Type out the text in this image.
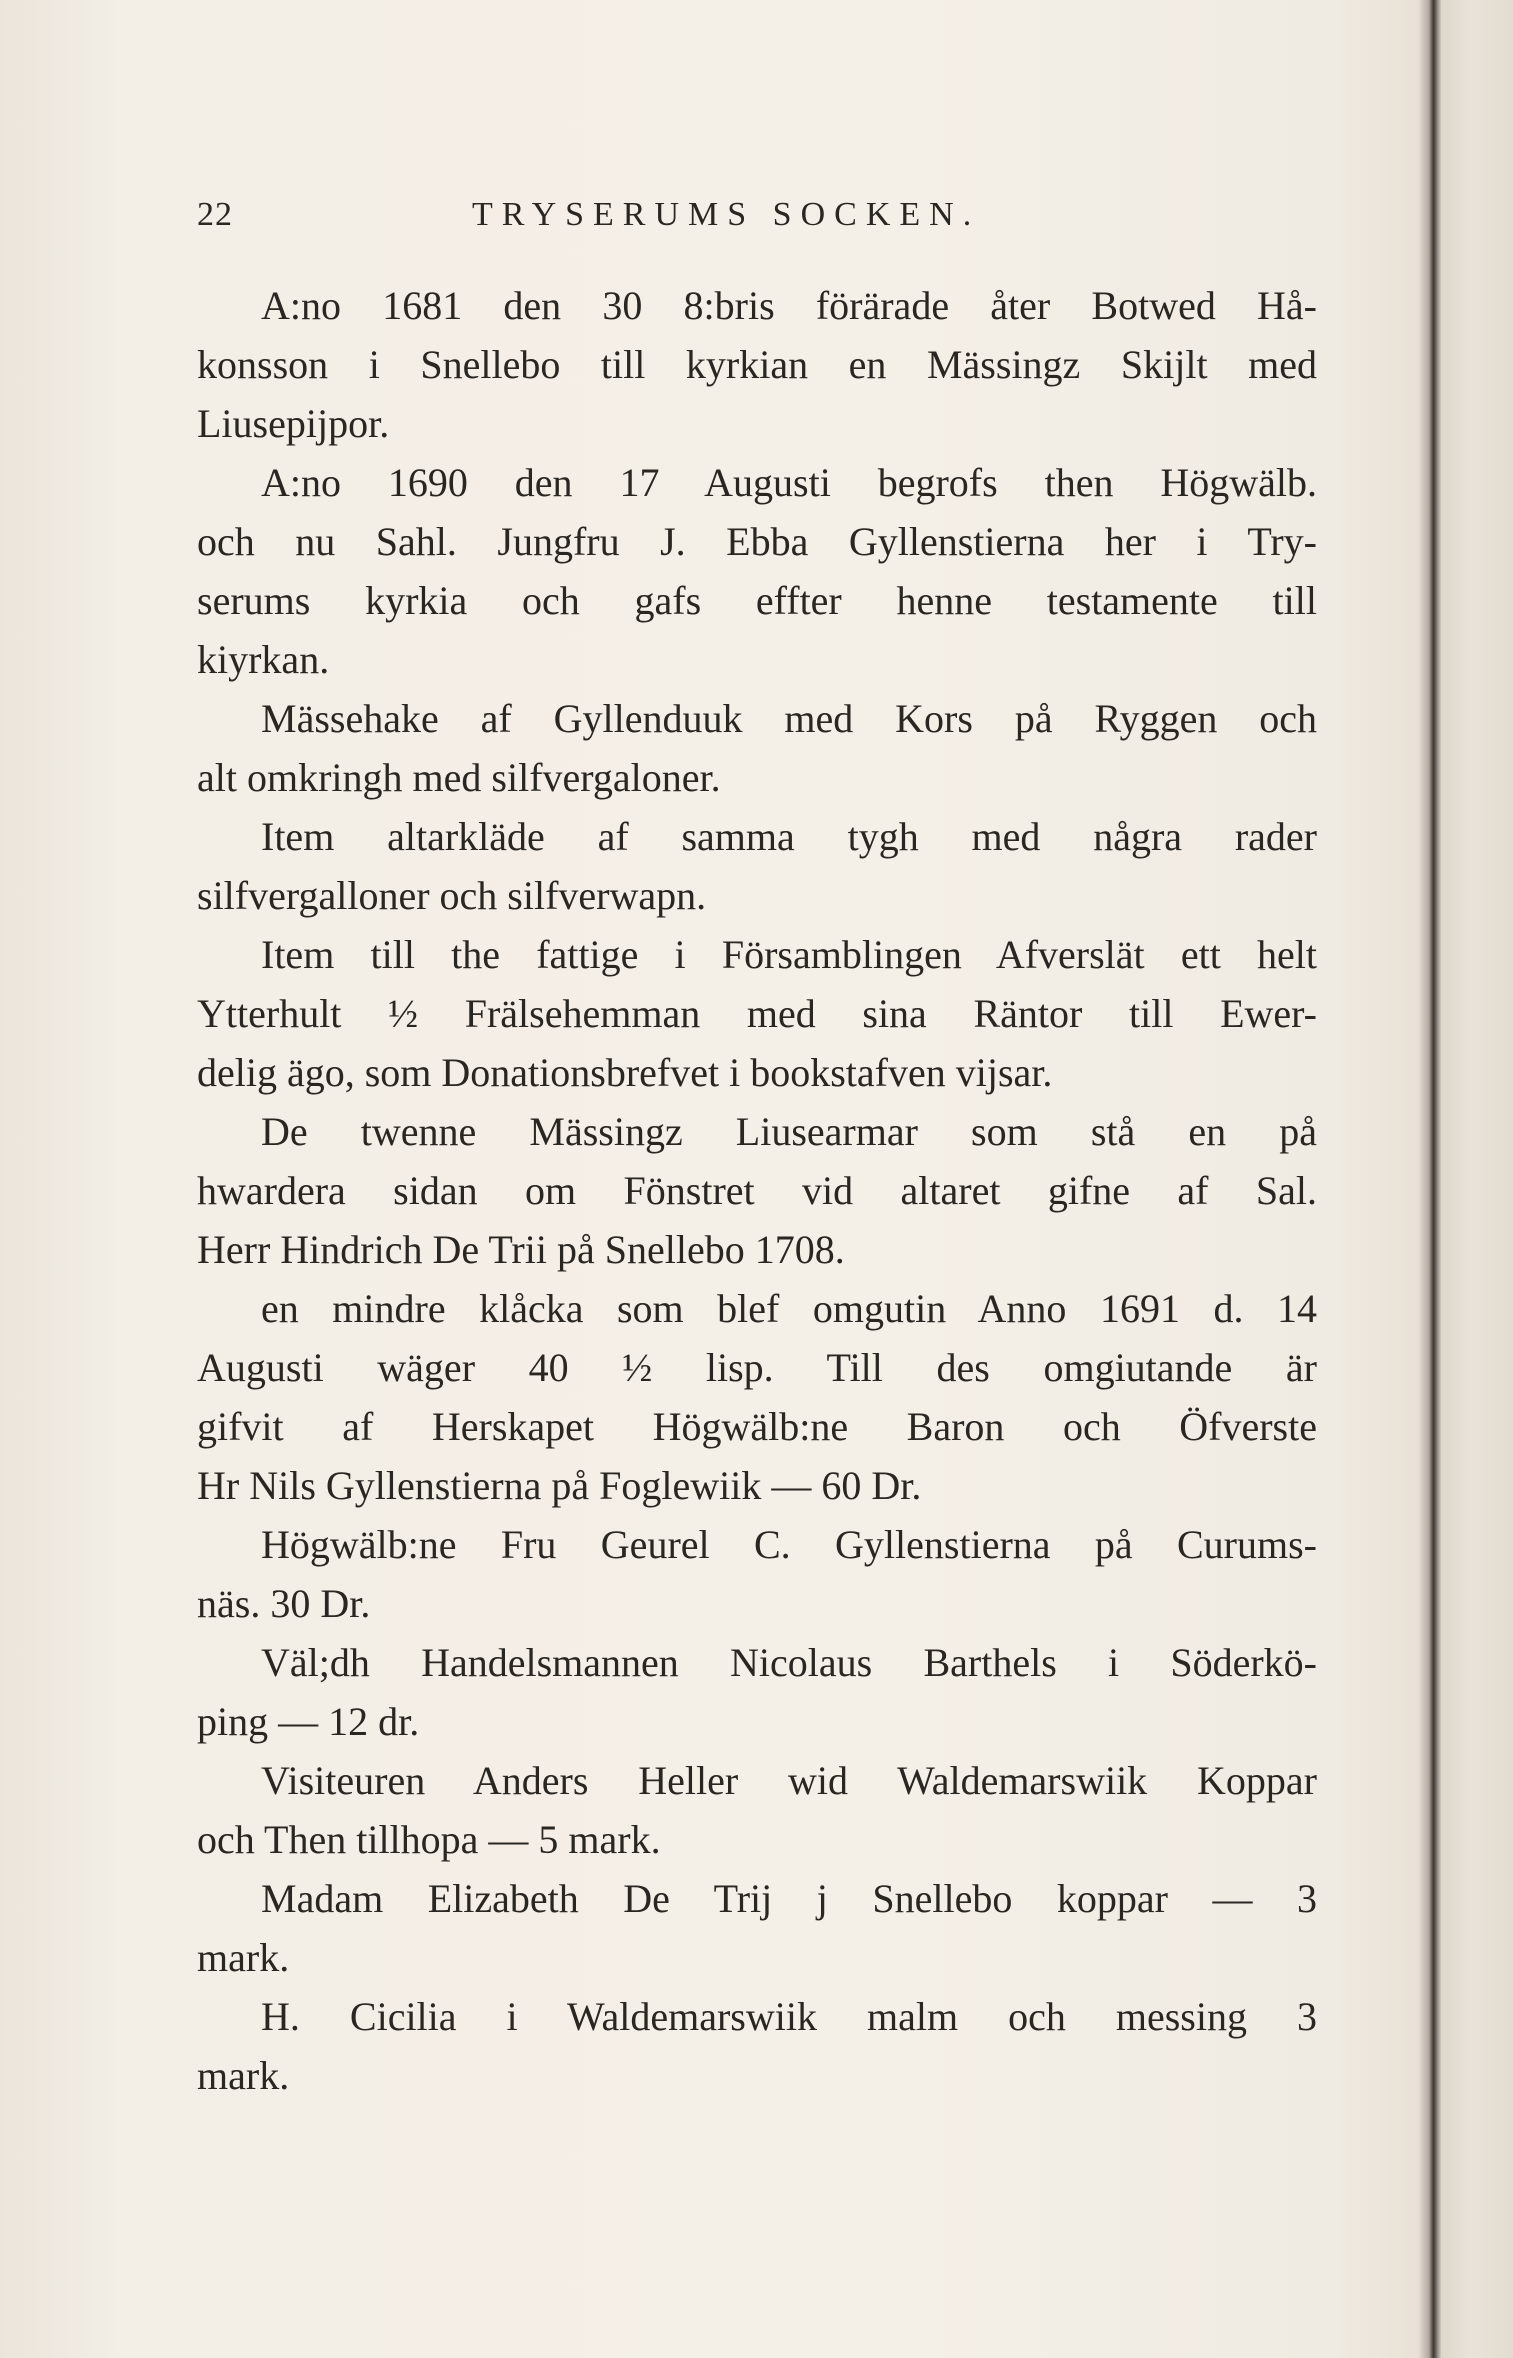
22	TRYSERUMS SOCKEN.

A:no 1681 den 30 8:bris förärade åter Botwed Hå-
konsson i Snellebo till kyrkian en Mässingz Skijlt med
Liusepijpor.

A:no 1690 den 17 Augusti begrofs then Högwälb.
och nu Sahl. Jungfru J. Ebba Gyllenstierna her i Try-
serums kyrkia och gafs effter henne testamente till
kiyrkan.

Mässehake af Gyllenduuk med Kors på Ryggen och
alt omkringh med silfvergaloner.

Item altarkläde af samma tygh med några rader
silfvergalloner och silfverwapn.

Item till the fattige i Församblingen Afverslät ett helt
Ytterhult ½ Frälsehemman med sina Räntor till Ewer-
delig ägo, som Donationsbrefvet i bookstafven vijsar.

De twenne Mässingz Liusearmar som stå en på
hwardera sidan om Fönstret vid altaret gifne af Sal.
Herr Hindrich De Trii på Snellebo 1708.

en mindre klåcka som blef omgutin Anno 1691 d. 14
Augusti wäger 40 ½ lisp. Till des omgiutande är
gifvit af Herskapet Högwälb:ne Baron och Öfverste
Hr Nils Gyllenstierna på Foglewiik — 60 Dr.

Högwälb:ne Fru Geurel C. Gyllenstierna på Curums-
näs. 30 Dr.

Väl;dh Handelsmannen Nicolaus Barthels i Söderkö-
ping — 12 dr.

Visiteuren Anders Heller wid Waldemarswiik Koppar
och Then tillhopa — 5 mark.

Madam Elizabeth De Trij j Snellebo koppar — 3
mark.

H. Cicilia i Waldemarswiik malm och messing 3
mark.
